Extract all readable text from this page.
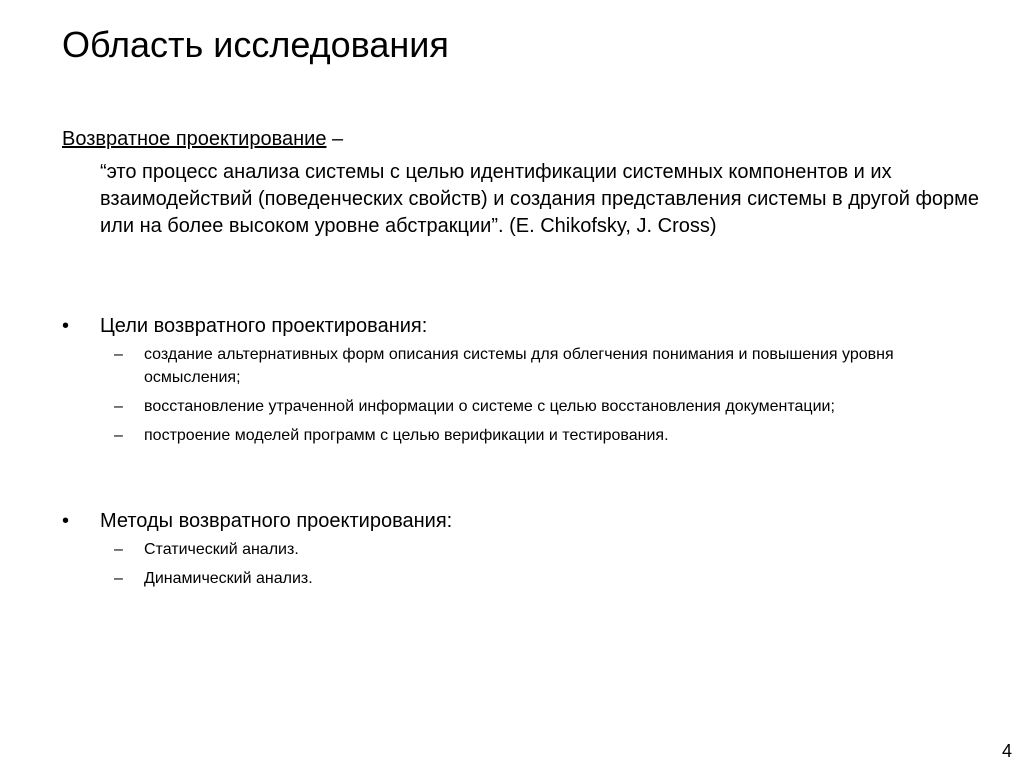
Область исследования
Возвратное проектирование –
“это процесс анализа системы с целью идентификации системных компонентов и их взаимодействий (поведенческих свойств) и создания представления системы в другой форме или на более высоком уровне абстракции”. (E. Chikofsky, J. Cross)
•	Цели возвратного проектирования:
–	создание альтернативных форм описания системы для облегчения понимания и повышения уровня осмысления;
–	восстановление утраченной информации о системе с целью восстановления документации;
–	построение моделей программ с целью верификации и тестирования.
•	Методы возвратного проектирования:
–	Статический анализ.
–	Динамический анализ.
4
